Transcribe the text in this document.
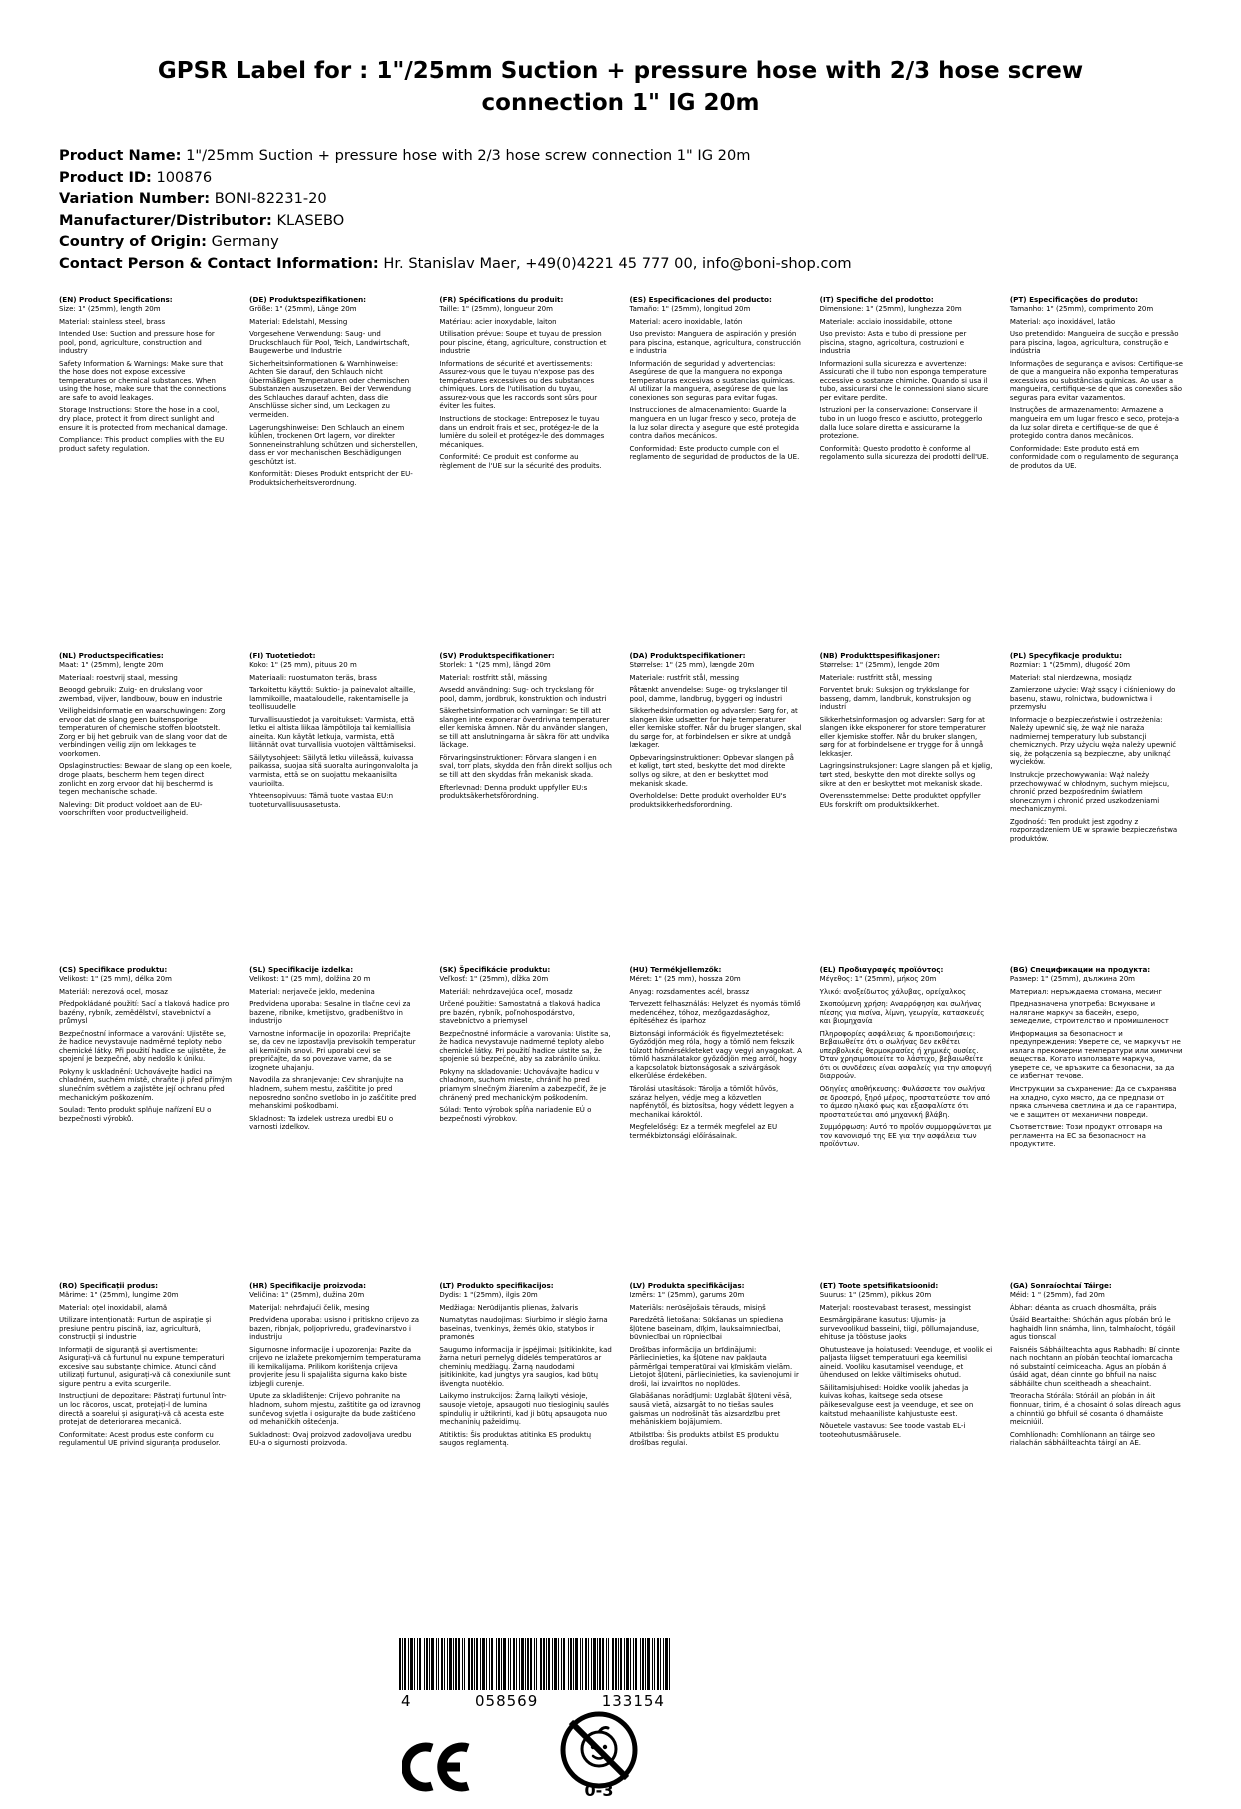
GPSR Label for : 1"/25mm Suction + pressure hose with 2/3 hose screw connection 1" IG 20m
Product Name: 1"/25mm Suction + pressure hose with 2/3 hose screw connection 1" IG 20m
Product ID: 100876
Variation Number: BONI-82231-20
Manufacturer/Distributor: KLASEBO
Country of Origin: Germany
Contact Person & Contact Information: Hr. Stanislav Maer, +49(0)4221 45 777 00, info@boni-shop.com
(EN) Product Specifications:

Size: 1" (25mm), length 20m

Material: stainless steel, brass

Intended Use: Suction and pressure hose for pool, pond, agriculture, construction and industry

Safety Information & Warnings: Make sure that the hose does not expose excessive temperatures or chemical substances. When using the hose, make sure that the connections are safe to avoid leakages.

Storage Instructions: Store the hose in a cool, dry place, protect it from direct sunlight and ensure it is protected from mechanical damage.

Compliance: This product complies with the EU product safety regulation.

(DE) Produktspezifikationen:

Größe: 1" (25mm), Länge 20m

Material: Edelstahl, Messing

Vorgesehene Verwendung: Saug- und Druckschlauch für Pool, Teich, Landwirtschaft, Baugewerbe und Industrie

Sicherheitsinformationen & Warnhinweise: Achten Sie darauf, den Schlauch nicht übermäßigen Temperaturen oder chemischen Substanzen auszusetzen. Bei der Verwendung des Schlauches darauf achten, dass die Anschlüsse sicher sind, um Leckagen zu vermeiden.

Lagerungshinweise: Den Schlauch an einem kühlen, trockenen Ort lagern, vor direkter Sonneneinstrahlung schützen und sicherstellen, dass er vor mechanischen Beschädigungen geschützt ist.

Konformität: Dieses Produkt entspricht der EU-Produktsicherheitsverordnung.

(FR) Spécifications du produit:

Taille: 1" (25mm), longueur 20m

Matériau: acier inoxydable, laiton

Utilisation prévue: Soupe et tuyau de pression pour piscine, étang, agriculture, construction et industrie

Informations de sécurité et avertissements: Assurez-vous que le tuyau n'expose pas des températures excessives ou des substances chimiques. Lors de l'utilisation du tuyau, assurez-vous que les raccords sont sûrs pour éviter les fuites.

Instructions de stockage: Entreposez le tuyau dans un endroit frais et sec, protégez-le de la lumière du soleil et protégez-le des dommages mécaniques.

Conformité: Ce produit est conforme au règlement de l'UE sur la sécurité des produits.

(ES) Especificaciones del producto:

Tamaño: 1" (25mm), longitud 20m

Material: acero inoxidable, latón

Uso previsto: Manguera de aspiración y presión para piscina, estanque, agricultura, construcción e industria

Información de seguridad y advertencias: Asegúrese de que la manguera no exponga temperaturas excesivas o sustancias químicas. Al utilizar la manguera, asegúrese de que las conexiones son seguras para evitar fugas.

Instrucciones de almacenamiento: Guarde la manguera en un lugar fresco y seco, proteja de la luz solar directa y asegure que esté protegida contra daños mecánicos.

Conformidad: Este producto cumple con el reglamento de seguridad de productos de la UE.

(IT) Specifiche del prodotto:

Dimensione: 1" (25mm), lunghezza 20m

Materiale: acciaio inossidabile, ottone

Uso previsto: Asta e tubo di pressione per piscina, stagno, agricoltura, costruzioni e industria

Informazioni sulla sicurezza e avvertenze: Assicurati che il tubo non esponga temperature eccessive o sostanze chimiche. Quando si usa il tubo, assicurarsi che le connessioni siano sicure per evitare perdite.

Istruzioni per la conservazione: Conservare il tubo in un luogo fresco e asciutto, proteggerlo dalla luce solare diretta e assicurarne la protezione.

Conformità: Questo prodotto è conforme al regolamento sulla sicurezza dei prodotti dell'UE.

(PT) Especificações do produto:

Tamanho: 1" (25mm), comprimento 20m

Material: aço inoxidável, latão

Uso pretendido: Mangueira de sucção e pressão para piscina, lagoa, agricultura, construção e indústria

Informações de segurança e avisos: Certifique-se de que a mangueira não exponha temperaturas excessivas ou substâncias químicas. Ao usar a mangueira, certifique-se de que as conexões são seguras para evitar vazamentos.

Instruções de armazenamento: Armazene a mangueira em um lugar fresco e seco, proteja-a da luz solar direta e certifique-se de que é protegido contra danos mecânicos.

Conformidade: Este produto está em conformidade com o regulamento de segurança de produtos da UE.

(NL) Productspecificaties:

Maat: 1" (25mm), lengte 20m

Materiaal: roestvrij staal, messing

Beoogd gebruik: Zuig- en drukslang voor zwembad, vijver, landbouw, bouw en industrie

Veiligheidsinformatie en waarschuwingen: Zorg ervoor dat de slang geen buitensporige temperaturen of chemische stoffen blootstelt. Zorg er bij het gebruik van de slang voor dat de verbindingen veilig zijn om lekkages te voorkomen.

Opslaginstructies: Bewaar de slang op een koele, droge plaats, bescherm hem tegen direct zonlicht en zorg ervoor dat hij beschermd is tegen mechanische schade.

Naleving: Dit product voldoet aan de EU-voorschriften voor productveiligheid.

(FI) Tuotetiedot:

Koko: 1" (25 mm), pituus 20 m

Materiaali: ruostumaton teräs, brass

Tarkoitettu käyttö: Suktio- ja painevalot altaille, lammikoille, maataloudelle, rakentamiselle ja teollisuudelle

Turvallisuustiedot ja varoitukset: Varmista, että letku ei altista liikaa lämpötiloja tai kemiallisia aineita. Kun käytät letkuja, varmista, että liitännät ovat turvallisia vuotojen välttämiseksi.

Säilytysohjeet: Säilytä letku viileässä, kuivassa paikassa, suojaa sitä suoralta auringonvalolta ja varmista, että se on suojattu mekaanisilta vaurioilta.

Yhteensopivuus: Tämä tuote vastaa EU:n tuoteturvallisuusasetusta.

(SV) Produktspecifikationer:

Storlek: 1 "(25 mm), längd 20m

Material: rostfritt stål, mässing

Avsedd användning: Sug- och tryckslang för pool, damm, jordbruk, konstruktion och industri

Säkerhetsinformation och varningar: Se till att slangen inte exponerar överdrivna temperaturer eller kemiska ämnen. När du använder slangen, se till att anslutningarna är säkra för att undvika läckage.

Förvaringsinstruktioner: Förvara slangen i en sval, torr plats, skydda den från direkt solljus och se till att den skyddas från mekanisk skada.

Efterlevnad: Denna produkt uppfyller EU:s produktsäkerhetsförordning.

(DA) Produktspecifikationer:

Størrelse: 1" (25 mm), længde 20m

Materiale: rustfrit stål, messing

Påtænkt anvendelse: Suge- og trykslanger til pool, damme, landbrug, byggeri og industri

Sikkerhedsinformation og advarsler: Sørg for, at slangen ikke udsætter for høje temperaturer eller kemiske stoffer. Når du bruger slangen, skal du sørge for, at forbindelsen er sikre at undgå lækager.

Opbevaringsinstruktioner: Opbevar slangen på et køligt, tørt sted, beskytte det mod direkte sollys og sikre, at den er beskyttet mod mekanisk skade.

Overholdelse: Dette produkt overholder EU's produktsikkerhedsforordning.

(NB) Produkttspesifikasjoner:

Størrelse: 1" (25mm), lengde 20m

Materiale: rustfritt stål, messing

Forventet bruk: Suksjon og trykkslange for basseng, damm, landbruk, konstruksjon og industri

Sikkerhetsinformasjon og advarsler: Sørg for at slangen ikke eksponerer for store temperaturer eller kjemiske stoffer. Når du bruker slangen, sørg for at forbindelsene er trygge for å unngå lekkasjer.

Lagringsinstruksjoner: Lagre slangen på et kjølig, tørt sted, beskytte den mot direkte sollys og sikre at den er beskyttet mot mekanisk skade.

Overensstemmelse: Dette produktet oppfyller EUs forskrift om produktsikkerhet.

(PL) Specyfikacje produktu:

Rozmiar: 1 "(25mm), długość 20m

Materiał: stal nierdzewna, mosiądz

Zamierzone użycie: Wąż ssący i ciśnieniowy do basenu, stawu, rolnictwa, budownictwa i przemysłu

Informacje o bezpieczeństwie i ostrzeżenia: Należy upewnić się, że wąż nie naraża nadmiernej temperatury lub substancji chemicznych. Przy użyciu węża należy upewnić się, że połączenia są bezpieczne, aby uniknąć wycieków.

Instrukcje przechowywania: Wąż należy przechowywać w chłodnym, suchym miejscu, chronić przed bezpośrednim światłem słonecznym i chronić przed uszkodzeniami mechanicznymi.

Zgodność: Ten produkt jest zgodny z rozporządzeniem UE w sprawie bezpieczeństwa produktów.

(CS) Specifikace produktu:

Velikost: 1" (25 mm), délka 20m

Materiál: nerezová ocel, mosaz

Předpokládané použití: Sací a tlaková hadice pro bazény, rybník, zemědělství, stavebnictví a průmysl

Bezpečnostní informace a varování: Ujistěte se, že hadice nevystavuje nadměrné teploty nebo chemické látky. Při použití hadice se ujistěte, že spojení je bezpečné, aby nedošlo k úniku.

Pokyny k uskladnění: Uchovávejte hadici na chladném, suchém místě, chraňte ji před přímým slunečním světlem a zajistěte její ochranu před mechanickým poškozením.

Soulad: Tento produkt splňuje nařízení EU o bezpečnosti výrobků.

(SL) Specifikacije izdelka:

Velikost: 1" (25 mm), dolžina 20 m

Material: nerjaveče jeklo, medenina

Predvidena uporaba: Sesalne in tlačne cevi za bazene, ribnike, kmetijstvo, gradbeništvo in industrijo

Varnostne informacije in opozorila: Prepričajte se, da cev ne izpostavlja previsokih temperatur ali kemičnih snovi. Pri uporabi cevi se prepričajte, da so povezave varne, da se izognete uhajanju.

Navodila za shranjevanje: Cev shranjujte na hladnem, suhem mestu, zaščitite jo pred neposredno sončno svetlobo in jo zaščitite pred mehanskimi poškodbami.

Skladnost: Ta izdelek ustreza uredbi EU o varnosti izdelkov.

(SK) Špecifikácie produktu:

Veľkosť: 1" (25mm), dĺžka 20m

Materiál: nehrdzavejúca oceľ, mosadz

Určené použitie: Samostatná a tlaková hadica pre bazén, rybník, poľnohospodárstvo, stavebníctvo a priemysel

Bezpečnostné informácie a varovania: Uistite sa, že hadica nevystavuje nadmerné teploty alebo chemické látky. Pri použití hadice uistite sa, že spojenie sú bezpečné, aby sa zabránilo úniku.

Pokyny na skladovanie: Uchovávajte hadicu v chladnom, suchom mieste, chrániť ho pred priamym slnečným žiarením a zabezpečiť, že je chránený pred mechanickým poškodením.

Súlad: Tento výrobok spĺňa nariadenie EÚ o bezpečnosti výrobkov.

(HU) Termékjellemzők:

Méret: 1" (25 mm), hossza 20m

Anyag: rozsdamentes acél, brassz

Tervezett felhasználás: Helyzet és nyomás tömlő medencéhez, tóhoz, mezőgazdasághoz, építéséhez és iparhoz

Biztonsági információk és figyelmeztetések: Győződjön meg róla, hogy a tömlő nem fekszik túlzott hőmérsékleteket vagy vegyi anyagokat. A tömlő használatakor győződjön meg arról, hogy a kapcsolatok biztonságosak a szivárgások elkerülése érdekében.

Tárolási utasítások: Tárolja a tömlőt hűvös, száraz helyen, védje meg a közvetlen napfénytől, és biztosítsa, hogy védett legyen a mechanikai károktól.

Megfelelőség: Ez a termék megfelel az EU termékbiztonsági előírásainak.

(EL) Προδιαγραφές προϊόντος:

Μέγεθος: 1" (25mm), μήκος 20m

Υλικό: ανοξείδωτος χάλυβας, ορείχαλκος

Σκοπούμενη χρήση: Αναρρόφηση και σωλήνας πίεσης για πισίνα, λίμνη, γεωργία, κατασκευές και βιομηχανία

Πληροφορίες ασφάλειας & προειδοποιήσεις: Βεβαιωθείτε ότι ο σωλήνας δεν εκθέτει υπερβολικές θερμοκρασίες ή χημικές ουσίες. Όταν χρησιμοποιείτε το λάστιχο, βεβαιωθείτε ότι οι συνδέσεις είναι ασφαλείς για την αποφυγή διαρροών.

Οδηγίες αποθήκευσης: Φυλάσσετε τον σωλήνα σε δροσερό, ξηρό μέρος, προστατεύστε τον από το άμεσο ηλιακό φως και εξασφαλίστε ότι προστατεύεται από μηχανική βλάβη.

Συμμόρφωση: Αυτό το προϊόν συμμορφώνεται με τον κανονισμό της ΕΕ για την ασφάλεια των προϊόντων.

(BG) Спецификации на продукта:

Размер: 1" (25mm), дължина 20m

Материал: неръждаема стомана, месинг

Предназначена употреба: Всмукване и налягане маркуч за басейн, езеро, земеделие, строителство и промишленост

Информация за безопасност и предупреждения: Уверете се, че маркучът не излага прекомерни температури или химични вещества. Когато използвате маркуча, уверете се, че връзките са безопасни, за да се избегнат течове.

Инструкции за съхранение: Да се съхранява на хладно, сухо място, да се предпази от пряка слънчева светлина и да се гарантира, че е защитен от механични повреди.

Съответствие: Този продукт отговаря на регламента на ЕС за безопасност на продуктите.

(RO) Specificații produs:

Mărime: 1" (25mm), lungime 20m

Material: oțel inoxidabil, alamă

Utilizare intenționată: Furtun de aspirație și presiune pentru piscină, iaz, agricultură, construcții și industrie

Informații de siguranță și avertismente: Asigurați-vă că furtunul nu expune temperaturi excesive sau substanțe chimice. Atunci când utilizați furtunul, asigurați-vă că conexiunile sunt sigure pentru a evita scurgerile.

Instrucțiuni de depozitare: Păstrați furtunul într-un loc răcoros, uscat, protejați-l de lumina directă a soarelui și asigurați-vă că acesta este protejat de deteriorarea mecanică.

Conformitate: Acest produs este conform cu regulamentul UE privind siguranța produselor.

(HR) Specifikacije proizvoda:

Veličina: 1" (25mm), dužina 20m

Materijal: nehrđajući čelik, mesing

Predviđena uporaba: usisno i pritiskno crijevo za bazen, ribnjak, poljoprivredu, građevinarstvo i industriju

Sigurnosne informacije i upozorenja: Pazite da crijevo ne izlažete prekomjernim temperaturama ili kemikalijama. Prilikom korištenja crijeva provjerite jesu li spajališta sigurna kako biste izbjegli curenje.

Upute za skladištenje: Crijevo pohranite na hladnom, suhom mjestu, zaštitite ga od izravnog sunčevog svjetla i osigurajte da bude zaštićeno od mehaničkih oštećenja.

Sukladnost: Ovaj proizvod zadovoljava uredbu EU-a o sigurnosti proizvoda.

(LT) Produkto specifikacijos:

Dydis: 1 "(25mm), ilgis 20m

Medžiaga: Nerūdijantis plienas, žalvaris

Numatytas naudojimas: Siurbimo ir slėgio žarna baseinas, tvenkinys, žemės ūkio, statybos ir pramonės

Saugumo informacija ir įspėjimai: Įsitikinkite, kad žarna neturi pernelyg didelės temperatūros ar cheminių medžiagų. Žarną naudodami įsitikinkite, kad jungtys yra saugios, kad būtų išvengta nuotėkio.

Laikymo instrukcijos: Žarną laikyti vėsioje, sausoje vietoje, apsaugoti nuo tiesioginių saulės spindulių ir užtikrinti, kad ji būtų apsaugota nuo mechaninių pažeidimų.

Atitiktis: Šis produktas atitinka ES produktų saugos reglamentą.

(LV) Produkta specifikācijas:

Izmērs: 1" (25mm), garums 20m

Materiāls: nerūsējošais tērauds, misiņš

Paredzētā lietošana: Sūkšanas un spiediena šļūtene baseinam, dīķim, lauksaimniecībai, būvniecībai un rūpniecībai

Drošības informācija un brīdinājumi: Pārliecinieties, ka šļūtene nav pakļauta pārmērīgai temperatūrai vai ķīmiskām vielām. Lietojot šļūteni, pārliecinieties, ka savienojumi ir droši, lai izvairītos no noplūdes.

Glabāšanas norādījumi: Uzglabāt šļūteni vēsā, sausā vietā, aizsargāt to no tiešas saules gaismas un nodrošināt tās aizsardzību pret mehāniskiem bojājumiem.

Atbilstība: Šis produkts atbilst ES produktu drošības regulai.

(ET) Toote spetsifikatsioonid:

Suurus: 1" (25mm), pikkus 20m

Materjal: roostevabast terasest, messingist

Eesmärgipärane kasutus: Ujumis- ja survevoolikud basseini, tiigi, põllumajanduse, ehituse ja tööstuse jaoks

Ohutusteave ja hoiatused: Veenduge, et voolik ei paljasta liigset temperatuuri ega keemilisi aineid. Vooliku kasutamisel veenduge, et ühendused on lekke vältimiseks ohutud.

Säilitamisjuhised: Hoidke voolik jahedas ja kuivas kohas, kaitsege seda otsese päikesevalguse eest ja veenduge, et see on kaitstud mehaaniliste kahjustuste eest.

Nõuetele vastavus: See toode vastab EL-i tooteohutusmäärusele.

(GA) Sonraíochtaí Táirge:

Méid: 1 " (25mm), fad 20m

Ábhar: déanta as cruach dhosmálta, práis

Úsáid Beartaithe: Shúchán agus píobán brú le haghaidh linn snámha, linn, talmhaíocht, tógáil agus tionscal

Faisnéis Sábháilteachta agus Rabhadh: Bí cinnte nach nochtann an píobán teochtaí iomarcacha nó substaintí ceimiceacha. Agus an píobán á úsáid agat, déan cinnte go bhfuil na naisc sábháilte chun sceitheadh a sheachaint.

Treoracha Stórála: Stóráil an píobán in áit fionnuar, tirim, é a chosaint ó solas díreach agus a chinntiú go bhfuil sé cosanta ó dhamáiste meicniúil.

Comhlíonadh: Comhlíonann an táirge seo rialachán sábháilteachta táirgí an AE.

4	058569	133154
0-3
